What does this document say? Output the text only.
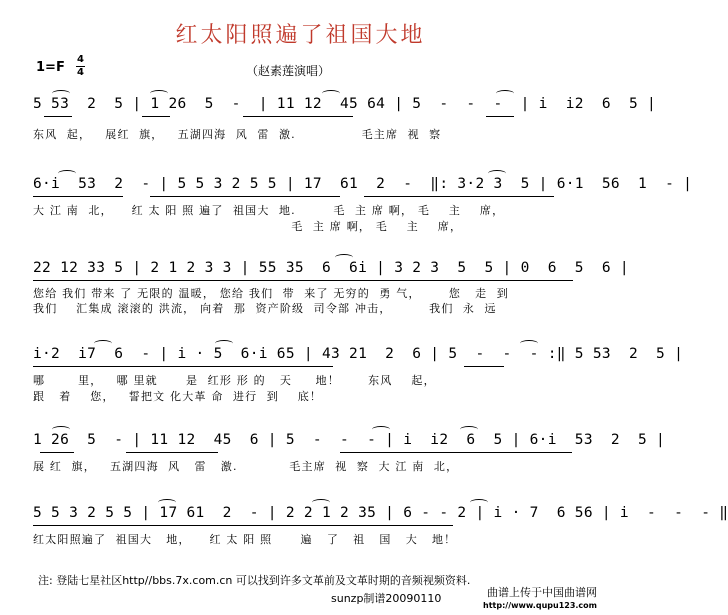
红太阳照遍了祖国大地
1=F
4
4	（赵素莲演唱）
5 53  2  5 | 1 26  5  -  | 11 12  45 64 | 5  -  -  -  | i  i2  6  5 |
东风  起，   展红  旗，   五湖四海  风  雷  激.              毛主席  视  察
6·i  53  2  - | 5 5 3 2 5 5 | 17  61  2  -  ‖: 3·2 3  5 | 6·1  56  1  - |
大 江 南  北，    红 太 阳 照 遍了  祖国大  地.        毛  主 席 啊， 毛    主    席，
毛  主 席 啊， 毛    主    席，
22 12 33 5 | 2 1 2 3 3 | 55 35  6  6i | 3 2 3  5  5 | 0  6  5  6 |
您给 我们 带来 了 无限的 温暖， 您给 我们  带  来了 无穷的  勇 气，      您   走  到
我们    汇集成 滚滚的 洪流， 向着  那  资产阶级  司令部 冲击，        我们  永  远
i·2  i7  6  - | i · 5  6·i 65 | 43 21  2  6 | 5  -  -  - :‖ 5 53  2  5 |
哪       里，   哪 里就      是  红形 形 的   天     地！      东风    起，
跟   着    您，   誓把文 化大革 命  进行  到    底！
1 26  5  - | 11 12  45  6 | 5  -  -  - | i  i2  6  5 | 6·i  53  2  5 |
展 红  旗，   五湖四海  风   雷   激.           毛主席  视  察  大 江 南  北，
5 5 3 2 5 5 | 17 61  2  - | 2 2 1 2 35 | 6 - - 2 | i · 7  6 56 | i  -  -  - ‖
红太阳照遍了  祖国大   地，    红 太 阳 照      遍   了   祖   国   大   地！
注: 登陆七星社区http//bbs.7x.com.cn 可以找到许多文革前及文革时期的音频视频资料.
sunzp制谱20090110	曲谱上传于中国曲谱网
http://www.qupu123.com
